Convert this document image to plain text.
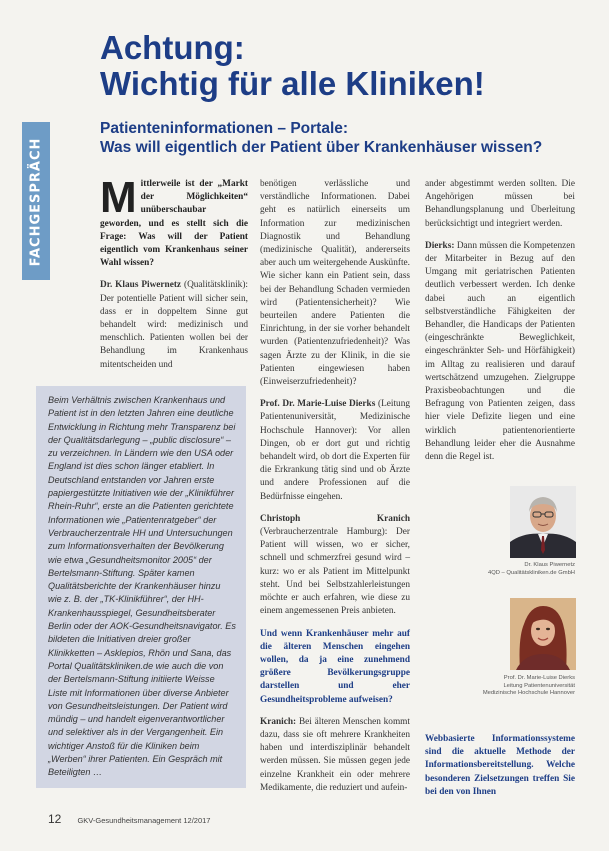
FACHGESPRÄCH
Achtung:
Wichtig für alle Kliniken!
Patienteninformationen – Portale:
Was will eigentlich der Patient über Krankenhäuser wissen?

Mittlerweile ist der „Markt der Möglichkeiten“ unüberschaubar geworden, und es stellt sich die Frage: Was will der Patient eigentlich vom Krankenhaus seiner Wahl wissen?

Dr. Klaus Piwernetz (Qualitätsklinik): Der potentielle Patient will sicher sein, dass er in doppeltem Sinne gut behandelt wird: medizinisch und menschlich. Patienten wollen bei der Behandlung im Krankenhaus mitentscheiden und

benötigen verlässliche und verständliche Informationen. Dabei geht es natürlich einerseits um Information zur medizinischen Diagnostik und Behandlung (medizinische Qualität), andererseits aber auch um weitergehende Auskünfte. Wie sicher kann ein Patient sein, dass bei der Behandlung Schaden vermieden wird (Patientensicherheit)? Wie beurteilen andere Patienten die Einrichtung, in der sie vorher behandelt wurden (Patientenzufriedenheit)? Was sagen Ärzte zu der Klinik, in die sie Patienten eingewiesen haben (Einweiserzufriedenheit)?

Prof. Dr. Marie-Luise Dierks (Leitung Patientenuniversität, Medizinische Hochschule Hannover): Vor allen Dingen, ob er dort gut und richtig behandelt wird, ob dort die Experten für die Erkrankung tätig sind und ob Ärzte und andere Professionen auf die Bedürfnisse eingehen.

Christoph Kranich (Verbraucherzentrale Hamburg): Der Patient will wissen, wo er sicher, schnell und schmerzfrei gesund wird – kurz: wo er als Patient im Mittelpunkt steht. Und bei Selbstzahlerleistungen möchte er auch erfahren, wie diese zu einem angemessenen Preis anbieten.

Und wenn Krankenhäuser mehr auf die älteren Menschen eingehen wollen, da ja eine zunehmend größere Bevölkerungsgruppe darstellen und eher Gesundheitsprobleme aufweisen?

Kranich: Bei älteren Menschen kommt dazu, dass sie oft mehrere Krankheiten haben und interdisziplinär behandelt werden müssen. Sie müssen gegen jede einzelne Krankheit ein oder mehrere Medikamente, die reduziert und aufein-

ander abgestimmt werden sollten. Die Angehörigen müssen bei Behandlungsplanung und Überleitung berücksichtigt und integriert werden.

Dierks: Dann müssen die Kompetenzen der Mitarbeiter in Bezug auf den Umgang mit geriatrischen Patienten deutlich verbessert werden. Ich denke dabei auch an eigentlich selbstverständliche Fähigkeiten der Behandler, die Handicaps der Patienten (eingeschränkte Beweglichkeit, eingeschränkter Seh- und Hörfähigkeit) im Alltag zu realisieren und darauf wertschätzend umzugehen. Zielgruppe Praxisbeobachtungen und die Befragung von Patienten zeigen, dass hier viele Defizite liegen und eine wirklich patientenorientierte Behandlung leider eher die Ausnahme denn die Regel ist.

Webbasierte Informationssysteme sind die aktuelle Methode der Informationsbereitstellung. Welche besonderen Zielsetzungen treffen Sie bei den von Ihnen

Beim Verhältnis zwischen Krankenhaus und Patient ist in den letzten Jahren eine deutliche Entwicklung in Richtung mehr Transparenz bei der Qualitätsdarlegung – „public disclosure“ – zu verzeichnen. In Ländern wie den USA oder England ist dies schon länger etabliert. In Deutschland entstanden vor Jahren erste papiergestützte Initiativen wie der „Klinikführer Rhein-Ruhr“, erste an die Patienten gerichtete Informationen wie „Patientenratgeber“ der Verbraucherzentrale HH und Untersuchungen zum Informationsverhalten der Bevölkerung wie etwa „Gesundheitsmonitor 2005“ der Bertelsmann-Stiftung. Später kamen Qualitätsberichte der Krankenhäuser hinzu wie z. B. der „TK-Klinikführer“, der HH-Krankenhausspiegel, Gesundheitsberater Berlin oder der AOK-Gesundheitsnavigator. Es bildeten die Initiativen dreier großer Klinikketten – Asklepios, Rhön und Sana, das Portal Qualitätskliniken.de wie auch die von der Bertelsmann-Stiftung initiierte Weisse Liste mit Informationen über diverse Anbieter von Gesundheitsleistungen. Der Patient wird mündig – und handelt eigenverantwortlicher und selektiver als in der Vergangenheit. Ein wichtiger Anstoß für die Kliniken beim „Werben“ ihrer Patienten. Ein Gespräch mit Beteiligten …
Dr. Klaus Piwernetz
4QD – Qualitätskliniken.de GmbH
Prof. Dr. Marie-Luise Dierks
Leitung Patientenuniversität
Medizinische Hochschule Hannover
12 GKV-Gesundheitsmanagement 12/2017
